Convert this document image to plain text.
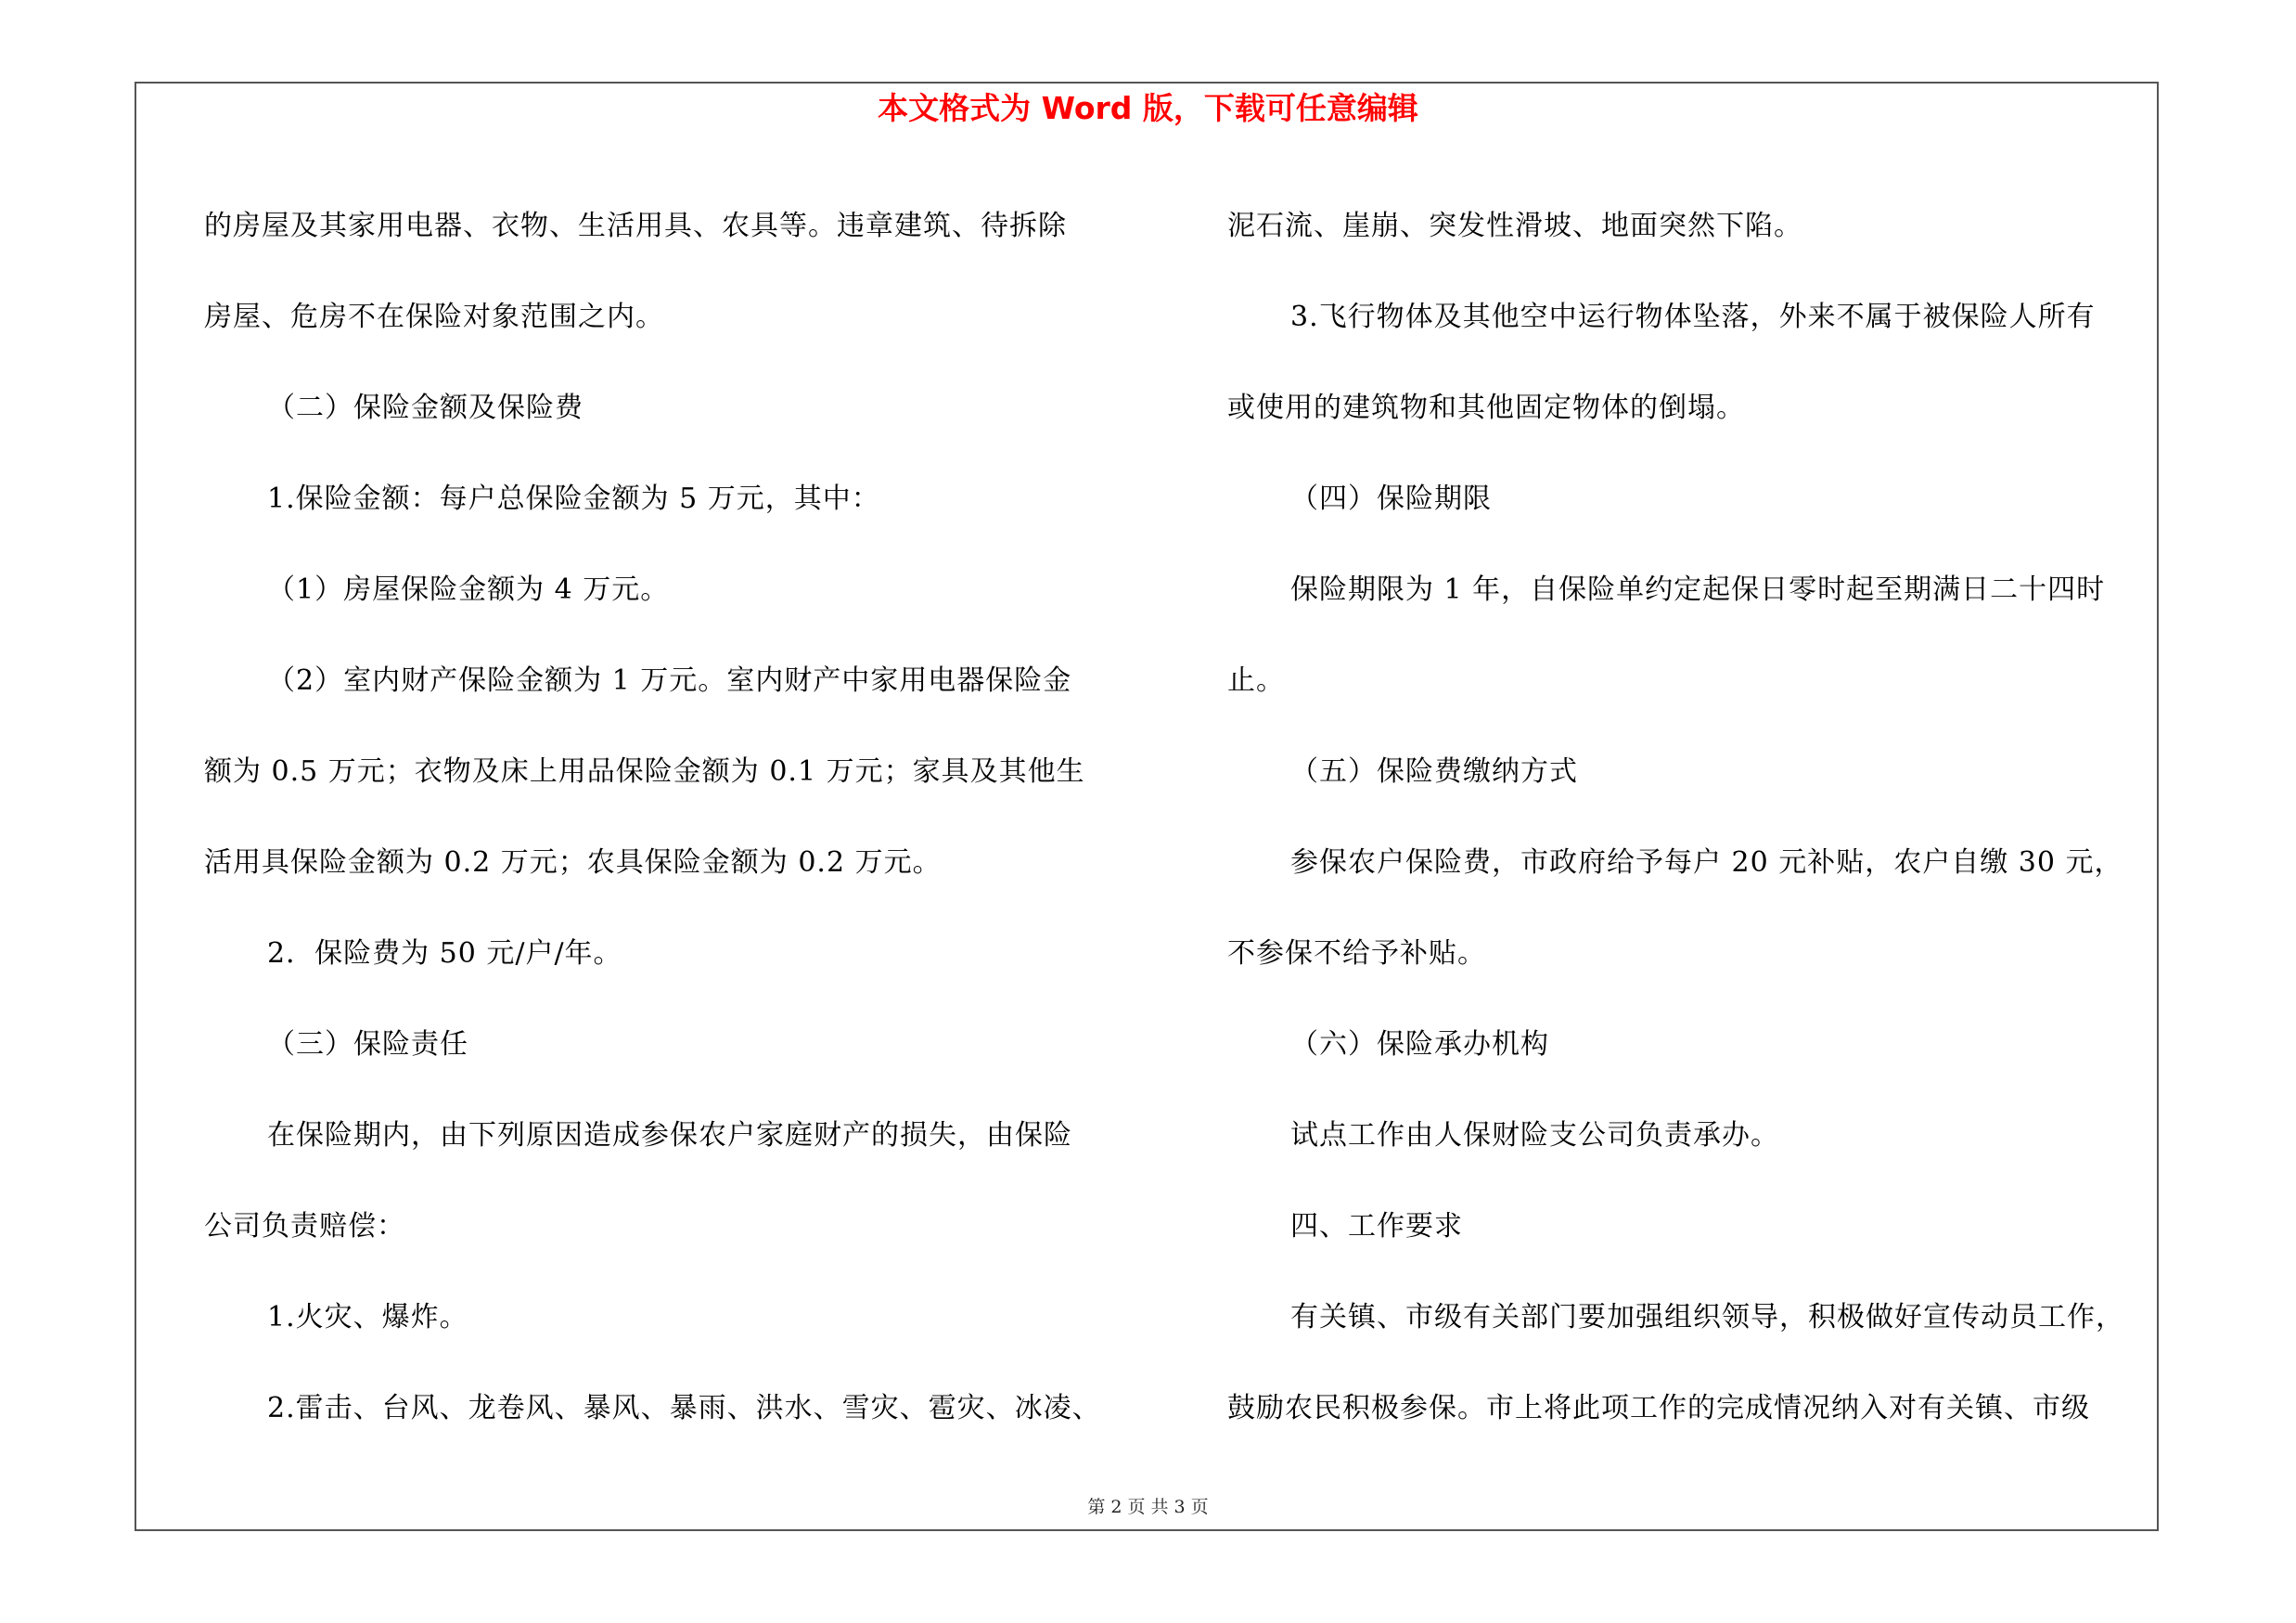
本文格式为 Word 版，下载可任意编辑

的房屋及其家用电器、衣物、生活用具、农具等。违章建筑、待拆除

房屋、危房不在保险对象范围之内。

（二）保险金额及保险费

1.保险金额：每户总保险金额为 5 万元，其中：

（1）房屋保险金额为 4 万元。

（2）室内财产保险金额为 1 万元。室内财产中家用电器保险金

额为 0.5 万元；衣物及床上用品保险金额为 0.1 万元；家具及其他生

活用具保险金额为 0.2 万元；农具保险金额为 0.2 万元。

2．保险费为 50 元/户/年。

（三）保险责任

在保险期内，由下列原因造成参保农户家庭财产的损失，由保险

公司负责赔偿：

1.火灾、爆炸。

2.雷击、台风、龙卷风、暴风、暴雨、洪水、雪灾、雹灾、冰凌、

泥石流、崖崩、突发性滑坡、地面突然下陷。

3.飞行物体及其他空中运行物体坠落，外来不属于被保险人所有

或使用的建筑物和其他固定物体的倒塌。

（四）保险期限

保险期限为 1 年，自保险单约定起保日零时起至期满日二十四时

止。

（五）保险费缴纳方式

参保农户保险费，市政府给予每户 20 元补贴，农户自缴 30 元，

不参保不给予补贴。

（六）保险承办机构

试点工作由人保财险支公司负责承办。

四、工作要求

有关镇、市级有关部门要加强组织领导，积极做好宣传动员工作，

鼓励农民积极参保。市上将此项工作的完成情况纳入对有关镇、市级

第 2 页 共 3 页
